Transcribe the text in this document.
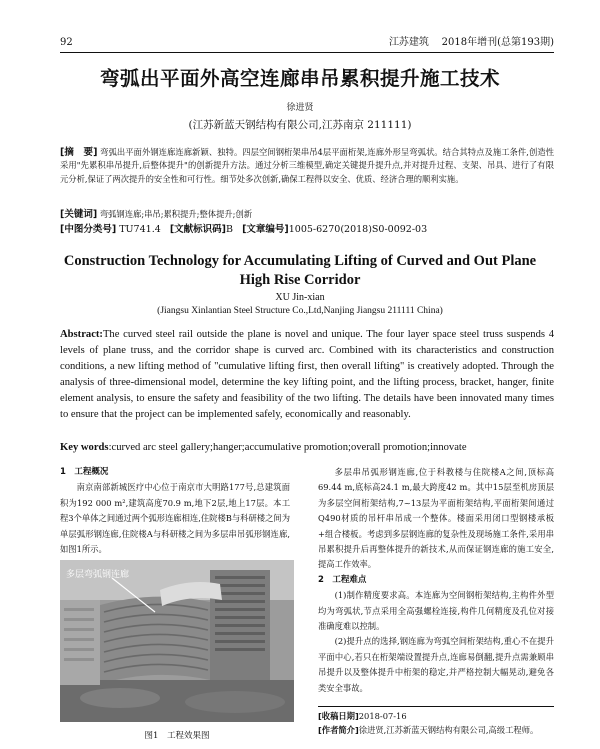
92	江苏建筑 2018年增刊(总第193期)
弯弧出平面外高空连廊串吊累积提升施工技术
徐进贤
(江苏新蓝天钢结构有限公司,江苏南京 211111)
[摘　要] 弯弧出平面外钢连廊连廊新颖、独特。四层空间钢桁架串吊4层平面桁架,连廊外形呈弯弧状。结合其特点及施工条件,创造性采用"先累积串吊提升,后整体提升"的创新提升方法。通过分析三维模型,确定关键提升提升点,并对提升过程、支架、吊具、进行了有限元分析,保证了两次提升的安全性和可行性。细节处多次创新,确保工程得以安全、优质、经济合理的顺利实施。
[关键词] 弯弧钢连廊;串吊;累积提升;整体提升;创新
[中图分类号] TU741.4 [文献标识码]B [文章编号]1005-6270(2018)S0-0092-03
Construction Technology for Accumulating Lifting of Curved and Out Plane High Rise Corridor
XU Jin-xian
(Jiangsu Xinlantian Steel Structure Co.,Ltd,Nanjing Jiangsu 211111 China)
Abstract:The curved steel rail outside the plane is novel and unique. The four layer space steel truss suspends 4 levels of plane truss, and the corridor shape is curved arc. Combined with its characteristics and construction conditions, a new lifting method of "cumulative lifting first, then overall lifting" is creatively adopted. Through the analysis of three-dimensional model, determine the key lifting point, and the lifting process, bracket, hanger, finite element analysis, to ensure the safety and feasibility of the two lifting. The details have been innovated many times to ensure that the project can be implemented safely, economically and reasonably.
Key words:curved arc steel gallery;hanger;accumulative promotion;overall promotion;innovate

1　工程概况

南京南部新城医疗中心位于南京市大明路177号,总建筑面积为192 000 m²,建筑高度70.9 m,地下2层,地上17层。本工程3个单体之间通过两个弧形连廊相连,住院楼B与科研楼之间为单层弧形钢连廊,住院楼A与科研楼之间为多层串吊弧形钢连廊,如图1所示。

多层弯弧钢连廊
图1　工程效果图

多层串吊弧形钢连廊,位于科教楼与住院楼A之间,顶标高69.44 m,底标高24.1 m,最大跨度42 m。其中15层至机房顶层为多层空间桁架结构,7~13层为平面桁架结构,平面桁架间通过Q490材质的吊杆串吊成一个整体。楼面采用闭口型钢楼承板+组合楼板。考虑到多层钢连廊的复杂性及现场施工条件,采用串吊累积提升后再整体提升的新技术,从而保证钢连廊的施工安全,提高工作效率。

2　工程难点

(1)制作精度要求高。本连廊为空间钢桁架结构,主构件外型均为弯弧状,节点采用全高强螺栓连接,构件几何精度及孔位对接准确度难以控制。

(2)提升点的选择,钢连廊为弯弧空间桁架结构,重心不在提升平面中心,若只在桁架端设置提升点,连廊易倒翻,提升点需兼顾串吊提升以及整体提升中桁架的稳定,并严格控制大幅晃动,避免各类安全事故。

[收稿日期]2018-07-16
[作者简介]徐进贤,江苏新蓝天钢结构有限公司,高级工程师。
